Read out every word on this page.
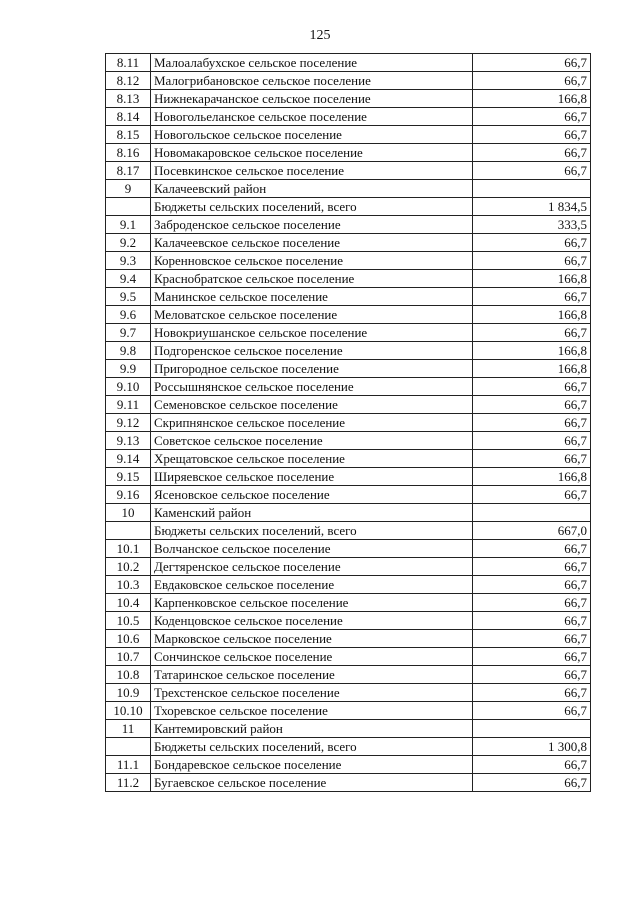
125
8.11	Малоалабухское сельское поселение	66,7
8.12	Малогрибановское сельское поселение	66,7
8.13	Нижнекарачанское сельское поселение	166,8
8.14	Новогольеланское сельское поселение	66,7
8.15	Новогольское сельское поселение	66,7
8.16	Новомакаровское сельское поселение	66,7
8.17	Посевкинское сельское поселение	66,7
9	Калачеевский район	
	Бюджеты сельских поселений, всего	1 834,5
9.1	Заброденское сельское поселение	333,5
9.2	Калачеевское сельское поселение	66,7
9.3	Коренновское сельское поселение	66,7
9.4	Краснобратское сельское поселение	166,8
9.5	Манинское сельское поселение	66,7
9.6	Меловатское сельское поселение	166,8
9.7	Новокриушанское сельское поселение	66,7
9.8	Подгоренское сельское поселение	166,8
9.9	Пригородное сельское поселение	166,8
9.10	Россышнянское сельское поселение	66,7
9.11	Семеновское сельское поселение	66,7
9.12	Скрипнянское сельское поселение	66,7
9.13	Советское сельское поселение	66,7
9.14	Хрещатовское сельское поселение	66,7
9.15	Ширяевское сельское поселение	166,8
9.16	Ясеновское сельское поселение	66,7
10	Каменский район	
	Бюджеты сельских поселений, всего	667,0
10.1	Волчанское сельское поселение	66,7
10.2	Дегтяренское сельское поселение	66,7
10.3	Евдаковское сельское поселение	66,7
10.4	Карпенковское сельское поселение	66,7
10.5	Коденцовское сельское поселение	66,7
10.6	Марковское сельское поселение	66,7
10.7	Сончинское сельское поселение	66,7
10.8	Татаринское сельское поселение	66,7
10.9	Трехстенское сельское поселение	66,7
10.10	Тхоревское сельское поселение	66,7
11	Кантемировский район	
	Бюджеты сельских поселений, всего	1 300,8
11.1	Бондаревское сельское поселение	66,7
11.2	Бугаевское сельское поселение	66,7
